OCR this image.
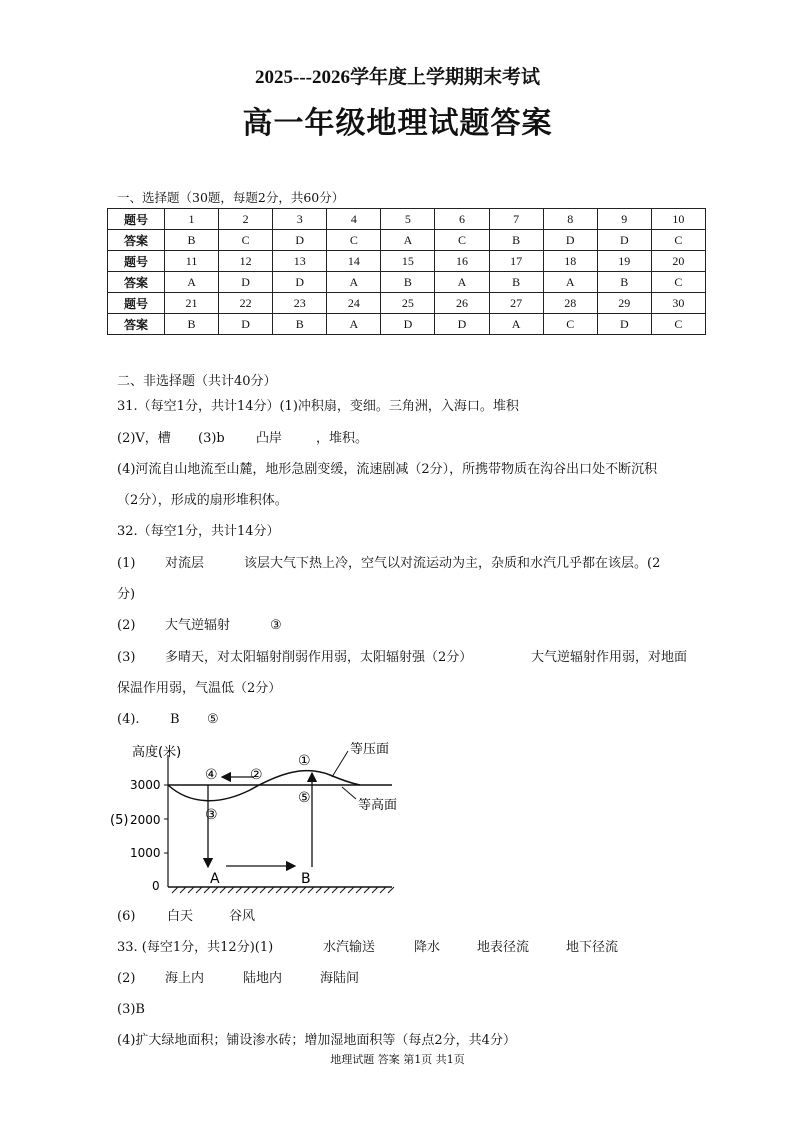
2025---2026学年度上学期期末考试
高一年级地理试题答案
一、选择题（30题，每题2分，共60分）
题号	1	2	3	4	5	6	7	8	9	10
答案	B	C	D	C	A	C	B	D	D	C
题号	11	12	13	14	15	16	17	18	19	20
答案	A	D	D	A	B	A	B	A	B	C
题号	21	22	23	24	25	26	27	28	29	30
答案	B	D	B	A	D	D	A	C	D	C
二、非选择题（共计40分）
31.（每空1分，共计14分）(1)冲积扇，变细。三角洲，入海口。堆积
(2)V，槽 (3)b 凸岸	，堆积。
(4)河流自山地流至山麓，地形急剧变缓，流速剧减（2分），所携带物质在沟谷出口处不断沉积
（2分），形成的扇形堆积体。
32.（每空1分，共计14分）
(1) 对流层	该层大气下热上冷，空气以对流运动为主，杂质和水汽几乎都在该层。(2
分)
(2) 大气逆辐射	③
(3) 多晴天，对太阳辐射削弱作用弱，太阳辐射强（2分）	大气逆辐射作用弱，对地面
保温作用弱，气温低（2分）
(4). B ⑤
高度(米)
3000
(5) 2000
1000
0
①
②
③
④
⑤
等压面
等高面
A	B
(6) 白天	谷风
33. (每空1分，共12分)(1)	水汽输送	降水	地表径流	地下径流
(2) 海上内	陆地内	海陆间
(3)B
(4)扩大绿地面积；铺设渗水砖；增加湿地面积等（每点2分，共4分）
地理试题 答案 第1页 共1页
